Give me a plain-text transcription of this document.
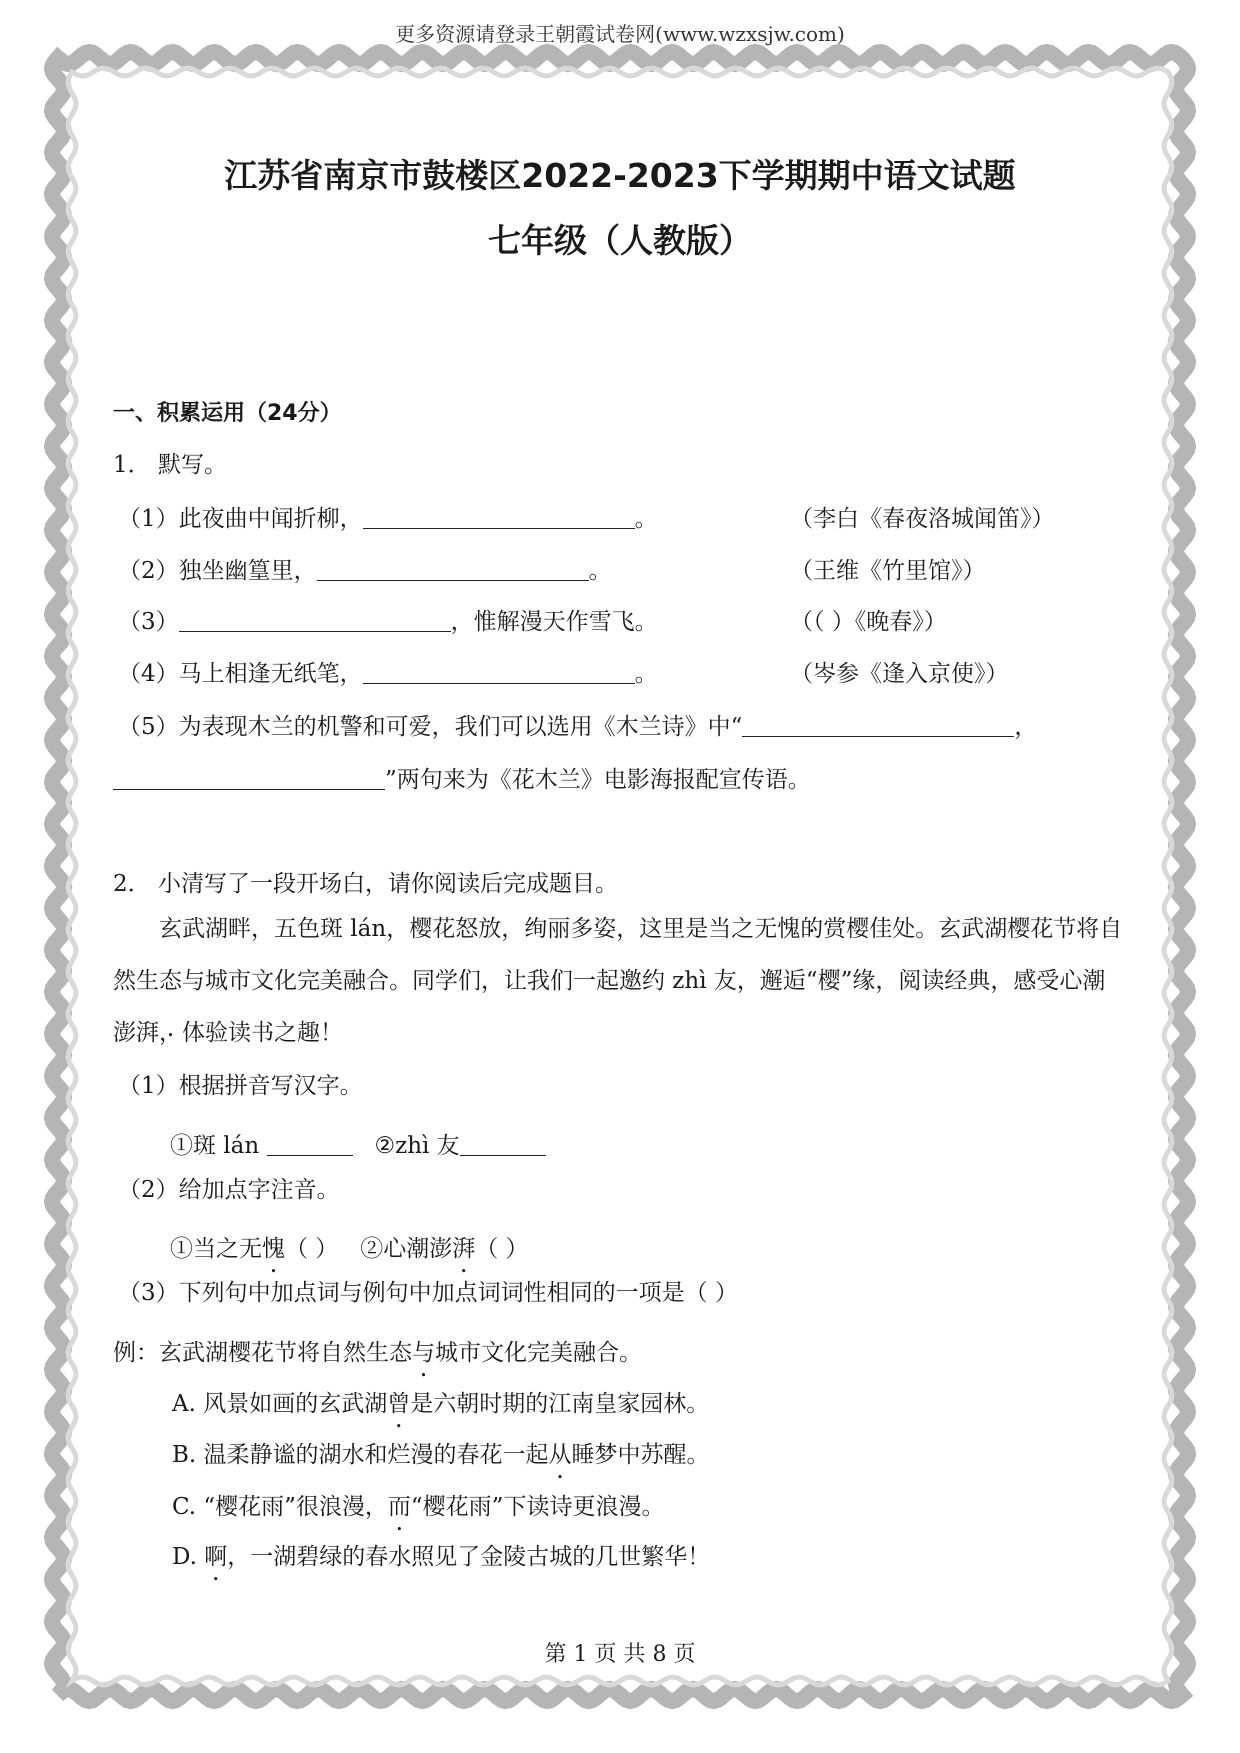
更多资源请登录王朝霞试卷网(www.wzxsjw.com)
江苏省南京市鼓楼区2022-2023下学期期中语文试题
七年级（人教版）
一、积累运用（24分）
1． 默写。
（1）此夜曲中闻折柳，	。	（李白《春夜洛城闻笛》）
（2）独坐幽篁里，	。	（王维《竹里馆》）
（3）	，惟解漫天作雪飞。	（（ ）《晚春》）
（4）马上相逢无纸笔，	。	（岑参《逢入京使》）
（5）为表现木兰的机警和可爱，我们可以选用《木兰诗》中“	，
”两句来为《花木兰》电影海报配宣传语。
2． 小清写了一段开场白，请你阅读后完成题目。
玄武湖畔，五色斑 lán，樱花怒放，绚丽多姿，这里是当之无愧 •的赏樱佳处。玄武湖樱花节将自然生态与城市文化完美融合。同学们，让我们一起邀约 zhì 友，邂逅“樱”缘，阅读经典，感受心潮澎湃 •，体验读书之趣！
（1）根据拼音写汉字。
①斑 lán	②zhì 友
（2）给加点字注音。
①当之无愧（ ） ②心潮澎湃（ ）
（3）下列句中加点词与例句中加点词词性相同的一项是（ ）
例：玄武湖樱花节将自然生态与城市文化完美融合。
A. 风景如画的玄武湖曾是六朝时期的江南皇家园林。
B. 温柔静谧的湖水和烂漫的春花一起从睡梦中苏醒。
C. “樱花雨”很浪漫，而“樱花雨”下读诗更浪漫。
D. 啊，一湖碧绿的春水照见了金陵古城的几世繁华！
第 1 页 共 8 页
